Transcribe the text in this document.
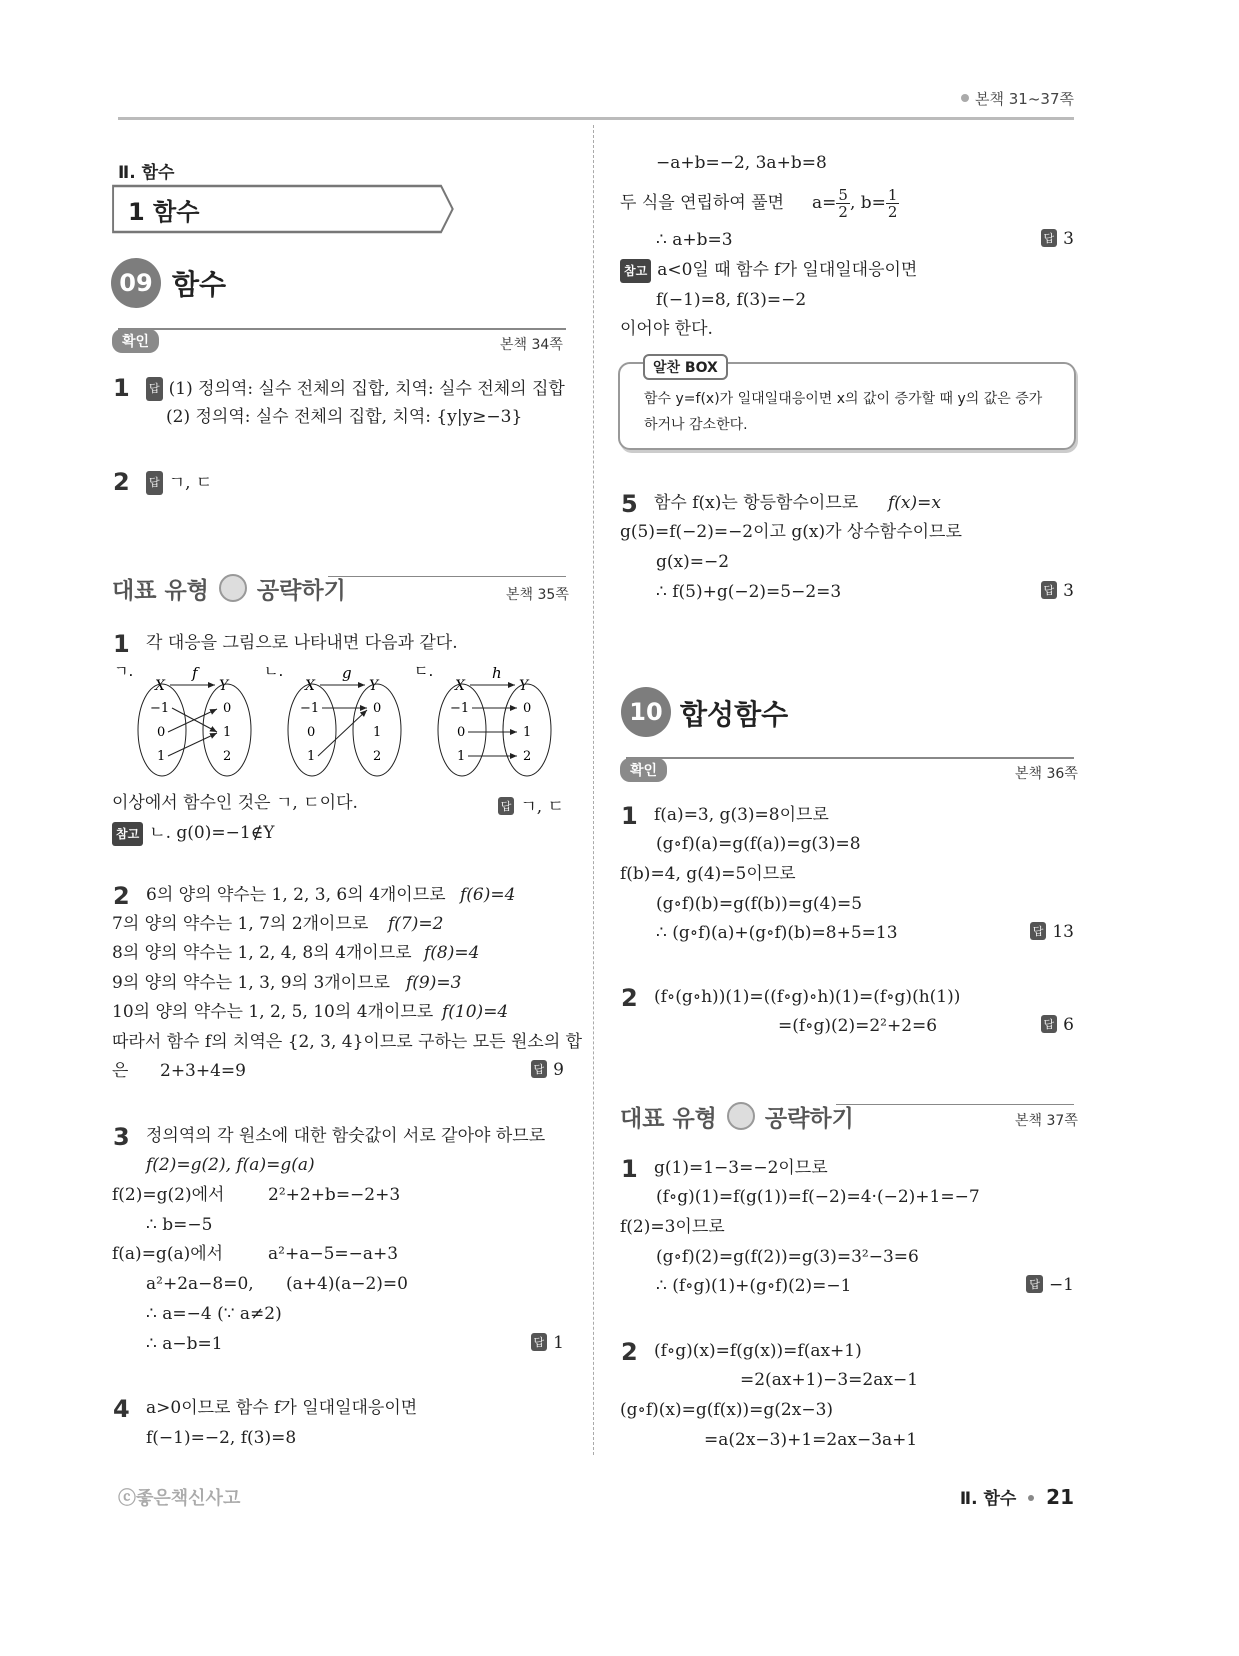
본책 31~37쪽
Ⅱ. 함수
1 함수
09 함수
확인	본책 34쪽
1 답 (1) 정의역: 실수 전체의 집합, 치역: 실수 전체의 집합
(2) 정의역: 실수 전체의 집합, 치역: {y|y≥−3}
2 답 ㄱ, ㄷ
대표 유형 공략하기	본책 35쪽
1 각 대응을 그림으로 나타내면 다음과 같다.
ㄱ.	f
X	Y
−1
0
1
0
1
2
ㄴ.	g
X	Y
−1
0
1
0
1
2
ㄷ.	h
X	Y
−1
0
1
0
1
2
이상에서 함수인 것은 ㄱ, ㄷ이다.	답 ㄱ, ㄷ
참고 ㄴ. g(0)=−1∉Y
2 6의 양의 약수는 1, 2, 3, 6의 4개이므로 f(6)=4
7의 양의 약수는 1, 7의 2개이므로 f(7)=2
8의 양의 약수는 1, 2, 4, 8의 4개이므로 f(8)=4
9의 양의 약수는 1, 3, 9의 3개이므로 f(9)=3
10의 양의 약수는 1, 2, 5, 10의 4개이므로 f(10)=4
따라서 함수 f의 치역은 {2, 3, 4}이므로 구하는 모든 원소의 합
은 2+3+4=9	답 9
3 정의역의 각 원소에 대한 함숫값이 서로 같아야 하므로
f(2)=g(2), f(a)=g(a)
f(2)=g(2)에서	2²+2+b=−2+3
∴ b=−5
f(a)=g(a)에서	a²+a−5=−a+3
a²+2a−8=0, (a+4)(a−2)=0
∴ a=−4 (∵ a≠2)
∴ a−b=1	답 1
4 a>0이므로 함수 f가 일대일대응이면
f(−1)=−2, f(3)=8
−a+b=−2, 3a+b=8
두 식을 연립하여 풀면 $a= \frac{5}{2}$ , $b= \frac{1}{2}$
∴ a+b=3	답 3
참고 a<0일 때 함수 f가 일대일대응이면
f(−1)=8, f(3)=−2
이어야 한다.
알찬 BOX
함수 y=f(x)가 일대일대응이면 x의 값이 증가할 때 y의 값은 증가
하거나 감소한다.
5 함수 f(x)는 항등함수이므로 f(x)=x
g(5)=f(−2)=−2이고 g(x)가 상수함수이므로
g(x)=−2
∴ f(5)+g(−2)=5−2=3	답 3
10 합성함수
확인	본책 36쪽
1 f(a)=3, g(3)=8이므로
(g∘f)(a)=g(f(a))=g(3)=8
f(b)=4, g(4)=5이므로
(g∘f)(b)=g(f(b))=g(4)=5
∴ (g∘f)(a)+(g∘f)(b)=8+5=13	답 13
2 (f∘(g∘h))(1)=((f∘g)∘h)(1)=(f∘g)(h(1))
=(f∘g)(2)=2²+2=6	답 6
대표 유형 공략하기	본책 37쪽
1 g(1)=1−3=−2이므로
(f∘g)(1)=f(g(1))=f(−2)=4·(−2)+1=−7
f(2)=3이므로
(g∘f)(2)=g(f(2))=g(3)=3²−3=6
∴ (f∘g)(1)+(g∘f)(2)=−1	답 −1
2 (f∘g)(x)=f(g(x))=f(ax+1)
=2(ax+1)−3=2ax−1
(g∘f)(x)=g(f(x))=g(2x−3)
=a(2x−3)+1=2ax−3a+1
ⓒ좋은책신사고	Ⅱ. 함수 21
